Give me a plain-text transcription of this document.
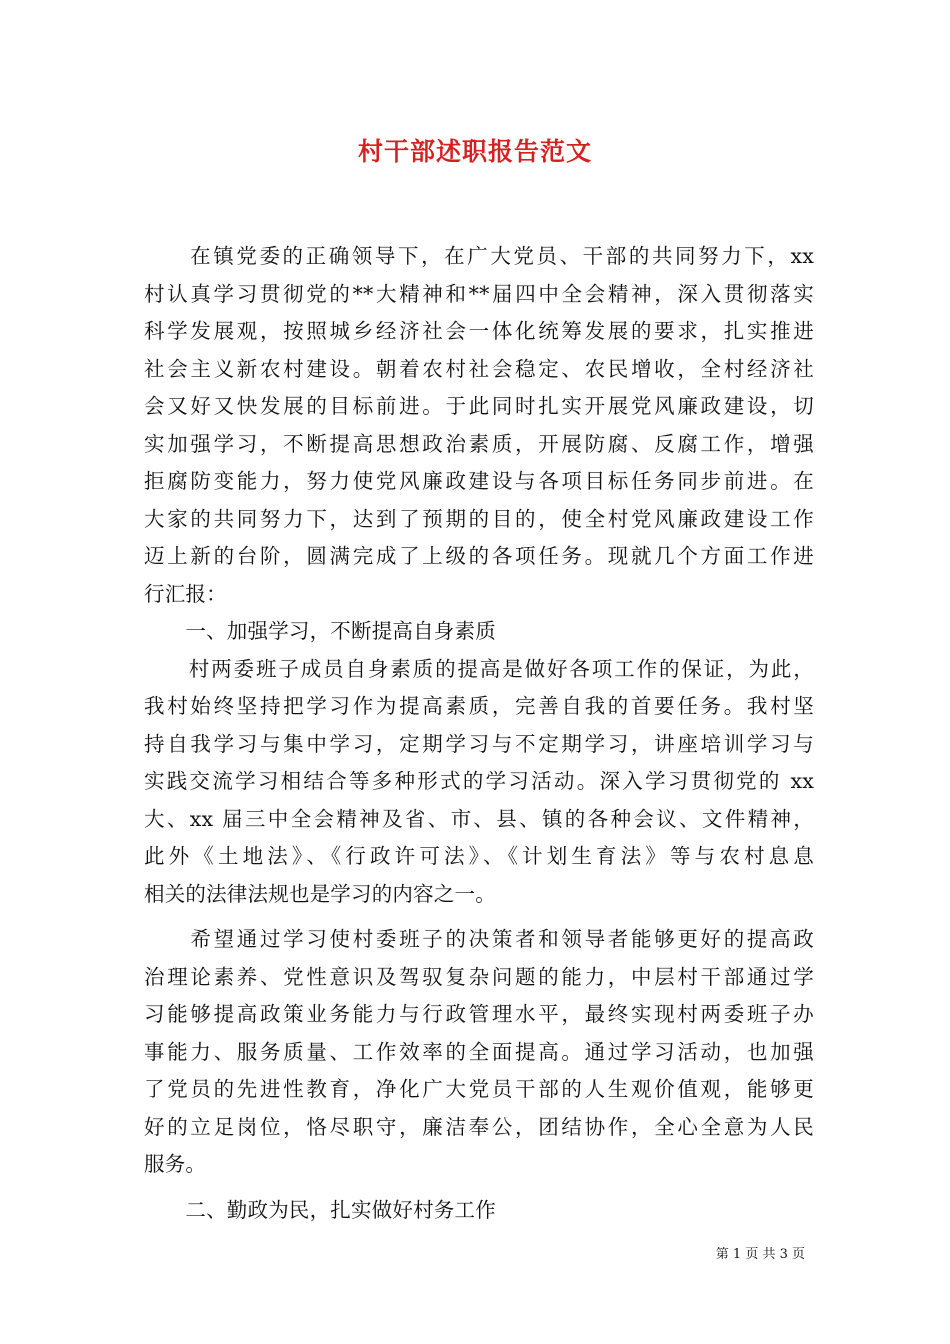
村干部述职报告范文
　　在镇党委的正确领导下，在广大党员、干部的共同努力下，xx
村认真学习贯彻党的**大精神和**届四中全会精神，深入贯彻落实
科学发展观，按照城乡经济社会一体化统筹发展的要求，扎实推进
社会主义新农村建设。朝着农村社会稳定、农民增收，全村经济社
会又好又快发展的目标前进。于此同时扎实开展党风廉政建设，切
实加强学习，不断提高思想政治素质，开展防腐、反腐工作，增强
拒腐防变能力，努力使党风廉政建设与各项目标任务同步前进。在
大家的共同努力下，达到了预期的目的，使全村党风廉政建设工作
迈上新的台阶，圆满完成了上级的各项任务。现就几个方面工作进
行汇报：
　　一、加强学习，不断提高自身素质
　　村两委班子成员自身素质的提高是做好各项工作的保证，为此，
我村始终坚持把学习作为提高素质，完善自我的首要任务。我村坚
持自我学习与集中学习，定期学习与不定期学习，讲座培训学习与
实践交流学习相结合等多种形式的学习活动。深入学习贯彻党的 xx
大、xx 届三中全会精神及省、市、县、镇的各种会议、文件精神，
此外《土地法》、《行政许可法》、《计划生育法》等与农村息息
相关的法律法规也是学习的内容之一。
　　希望通过学习使村委班子的决策者和领导者能够更好的提高政
治理论素养、党性意识及驾驭复杂问题的能力，中层村干部通过学
习能够提高政策业务能力与行政管理水平，最终实现村两委班子办
事能力、服务质量、工作效率的全面提高。通过学习活动，也加强
了党员的先进性教育，净化广大党员干部的人生观价值观，能够更
好的立足岗位，恪尽职守，廉洁奉公，团结协作，全心全意为人民
服务。
　　二、勤政为民，扎实做好村务工作
第 1 页 共 3 页
